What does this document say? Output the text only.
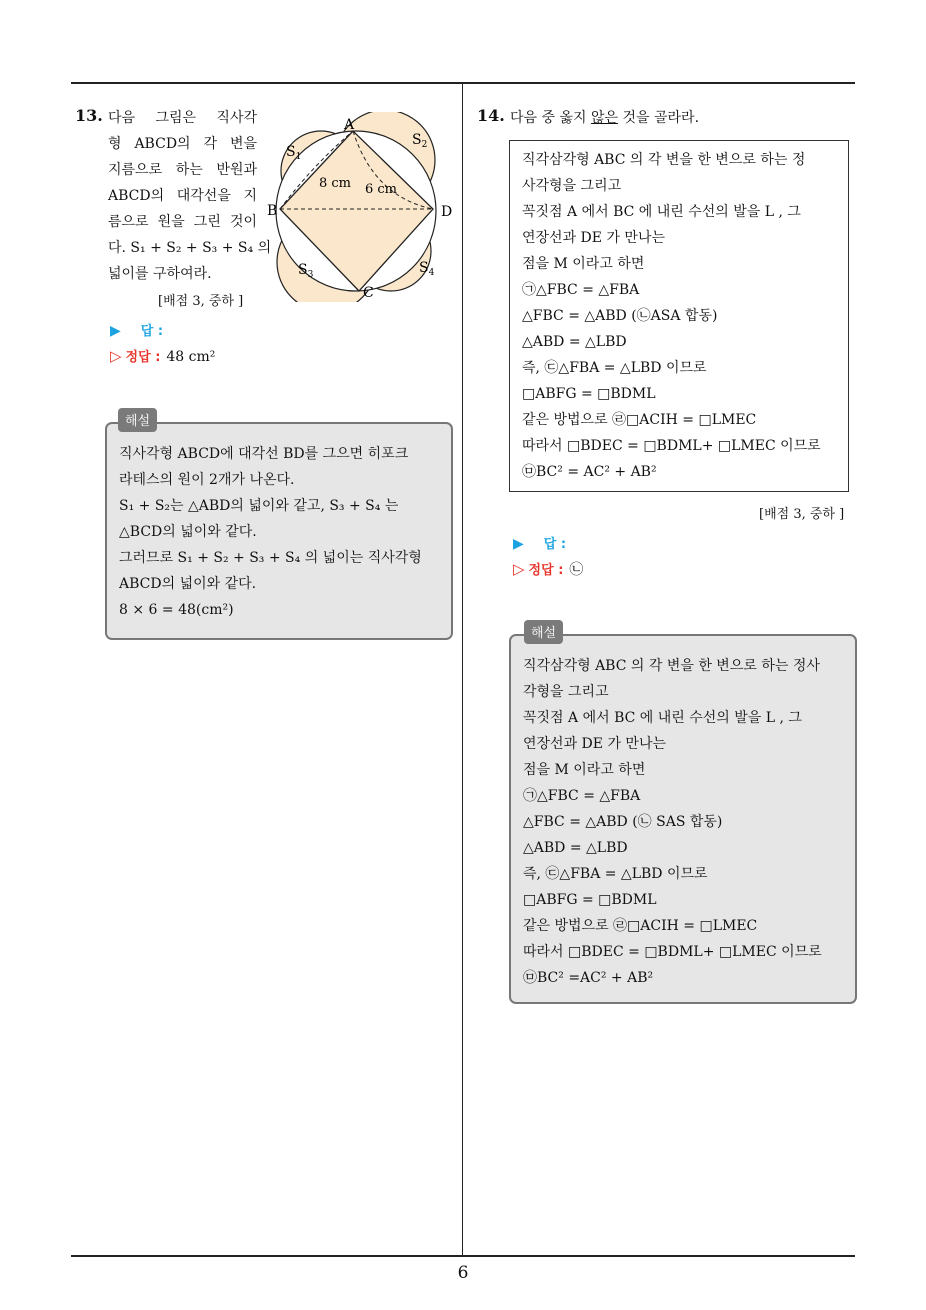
13. 다음 그림은 직사각
형 ABCD의 각 변을
지름으로 하는 반원과
ABCD의 대각선을 지
름으로 원을 그린 것이
다. S₁ + S₂ + S₃ + S₄ 의
넓이를 구하여라.
[배점 3, 중하 ]
A
B
C
D
8 cm 6 cm
$S_1$
$S_2$
$S_3$	$S_4$
▶ 답 :
▷ 정답 : 48 cm²
직사각형 ABCD에 대각선 BD를 그으면 히포크
라테스의 원이 2개가 나온다.
S₁ + S₂는 △ABD의 넓이와 같고, S₃ + S₄ 는
△BCD의 넓이와 같다.
그러므로 S₁ + S₂ + S₃ + S₄ 의 넓이는 직사각형
ABCD의 넓이와 같다.
8 × 6 = 48(cm²)
해설
14. 다음 중 옳지 않은 것을 골라라.
직각삼각형 ABC 의 각 변을 한 변으로 하는 정
사각형을 그리고
꼭짓점 A 에서 BC 에 내린 수선의 발을 L , 그
연장선과 DE 가 만나는
점을 M 이라고 하면
㉠△FBC = △FBA
△FBC = △ABD (㉡ASA 합동)
△ABD = △LBD
즉, ㉢△FBA = △LBD 이므로
□ABFG = □BDML
같은 방법으로 ㉣□ACIH = □LMEC
따라서 □BDEC = □BDML+ □LMEC 이므로
㉤BC² = AC² + AB²
[배점 3, 중하 ]
▶ 답 :
▷ 정답 : ㉡
직각삼각형 ABC 의 각 변을 한 변으로 하는 정사
각형을 그리고
꼭짓점 A 에서 BC 에 내린 수선의 발을 L , 그
연장선과 DE 가 만나는
점을 M 이라고 하면
㉠△FBC = △FBA
△FBC = △ABD (㉡ SAS 합동)
△ABD = △LBD
즉, ㉢△FBA = △LBD 이므로
□ABFG = □BDML
같은 방법으로 ㉣□ACIH = □LMEC
따라서 □BDEC = □BDML+ □LMEC 이므로
㉤BC² =AC² + AB²
해설
6
